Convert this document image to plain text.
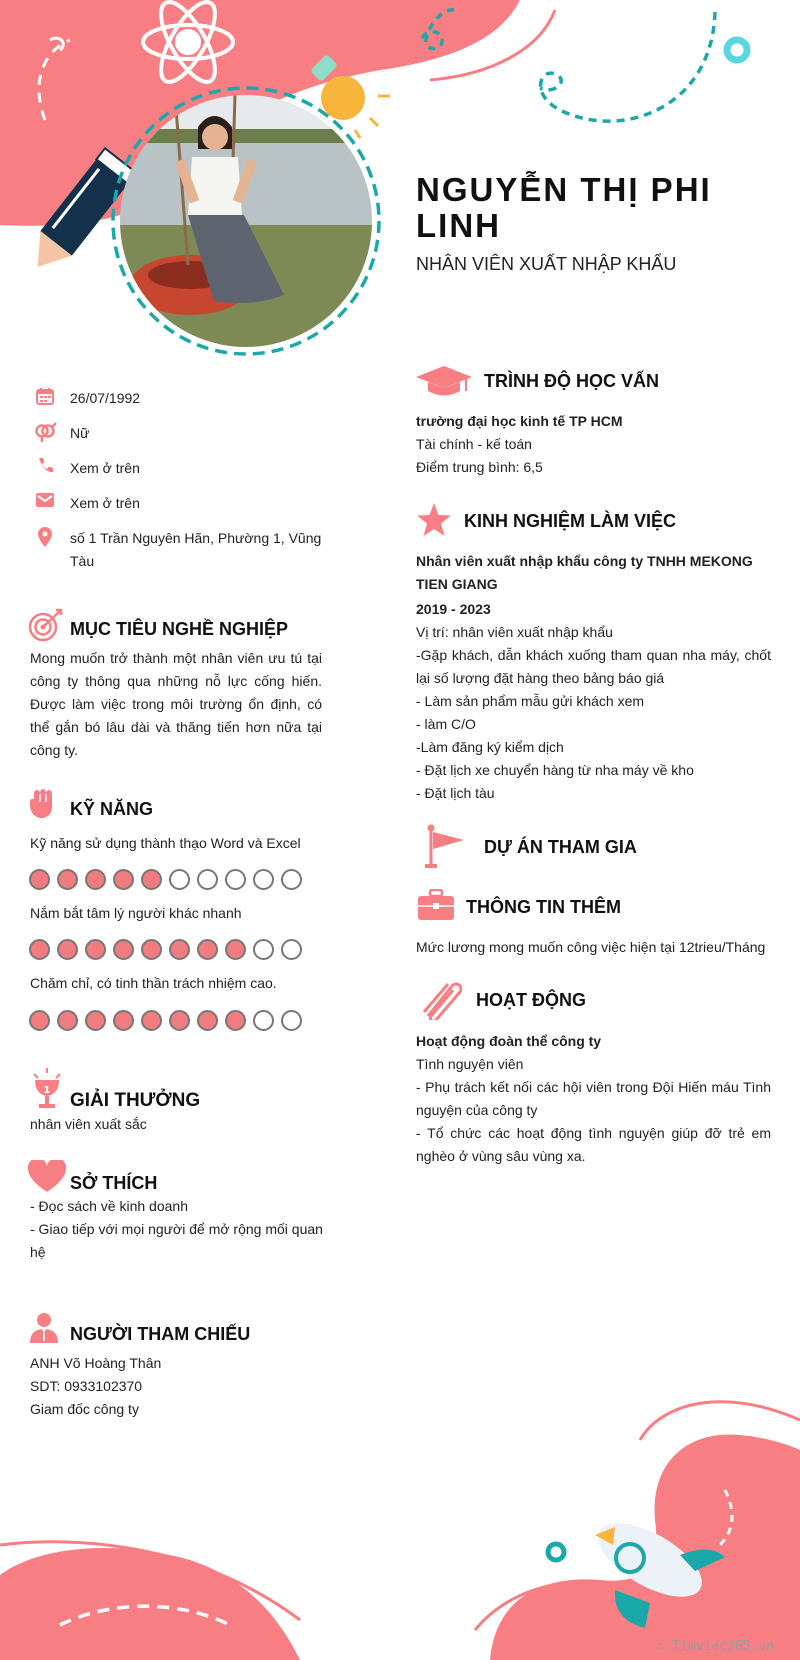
NGUYỄN THỊ PHI LINH
NHÂN VIÊN XUẤT NHẬP KHẨU
26/07/1992
Nữ
Xem ở trên
Xem ở trên
số 1 Trần Nguyên Hãn, Phường 1, Vũng Tàu
MỤC TIÊU NGHỀ NGHIỆP
Mong muốn trở thành một nhân viên ưu tú tại công ty thông qua những nỗ lực cống hiến. Được làm việc trong môi trường ổn định, có thể gắn bó lâu dài và thăng tiến hơn nữa tại công ty.
KỸ NĂNG
Kỹ năng sử dụng thành thạo Word và Excel
Nắm bắt tâm lý người khác nhanh
Chăm chỉ, có tinh thần trách nhiệm cao.
1 GIẢI THƯỞNG
nhân viên xuất sắc
SỞ THÍCH
- Đọc sách về kinh doanh
- Giao tiếp với mọi người để mở rộng mối quan hệ
NGƯỜI THAM CHIẾU
ANH Võ Hoàng Thân
SDT: 0933102370
Giam đốc công ty
TRÌNH ĐỘ HỌC VẤN
trường đại học kinh tế TP HCM
Tài chính - kế toán
Điểm trung bình: 6,5
KINH NGHIỆM LÀM VIỆC
Nhân viên xuất nhập khẩu công ty TNHH MEKONG TIEN GIANG
2019 - 2023
Vị trí: nhân viên xuất nhập khẩu
-Gặp khách, dẫn khách xuống tham quan nha máy, chốt lại số lượng đặt hàng theo bảng báo giá
- Làm sản phẩm mẫu gửi khách xem
- làm C/O
-Làm đăng ký kiểm dịch
- Đặt lịch xe chuyển hàng từ nha máy về kho
- Đặt lịch tàu
DỰ ÁN THAM GIA
THÔNG TIN THÊM
Mức lương mong muốn công việc hiện tại 12trieu/Tháng
HOẠT ĐỘNG
Hoạt động đoàn thể công ty
Tình nguyện viên
- Phụ trách kết nối các hội viên trong Đội Hiến máu Tình nguyện của công ty
- Tổ chức các hoạt động tình nguyện giúp đỡ trẻ em nghèo ở vùng sâu vùng xa.
∴ Timviec365.vn
